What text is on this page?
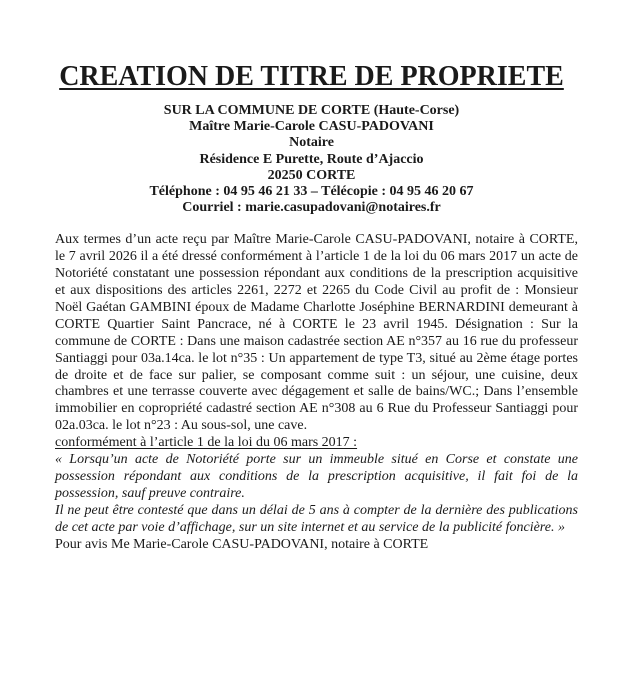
CREATION DE TITRE DE PROPRIETE
SUR LA COMMUNE DE CORTE (Haute-Corse)
Maître Marie-Carole CASU-PADOVANI
Notaire
Résidence E Purette, Route d’Ajaccio
20250 CORTE
Téléphone : 04 95 46 21 33 – Télécopie : 04 95 46 20 67
Courriel : marie.casupadovani@notaires.fr

Aux termes d’un acte reçu par Maître Marie-Carole CASU-PADOVANI, notaire à CORTE, le 7 avril 2026 il a été dressé conformément à l’article 1 de la loi du 06 mars 2017 un acte de Notoriété constatant une possession répondant aux conditions de la prescription acquisitive et aux dispositions des articles 2261, 2272 et 2265 du Code Civil au profit de : Monsieur Noël Gaétan GAMBINI époux de Madame Charlotte Joséphine BERNARDINI demeurant à CORTE Quartier Saint Pancrace, né à CORTE le 23 avril 1945. Désignation : Sur la commune de CORTE : Dans une maison cadastrée section AE n°357 au 16 rue du professeur Santiaggi pour 03a.14ca. le lot n°35 : Un appartement de type T3, situé au 2ème étage portes de droite et de face sur palier, se composant comme suit : un séjour, une cuisine, deux chambres et une terrasse couverte avec dégagement et salle de bains/WC.; Dans l’ensemble immobilier en copropriété cadastré section AE n°308 au 6 Rue du Professeur Santiaggi pour 02a.03ca. le lot n°23 : Au sous-sol, une cave.

conformément à l’article 1 de la loi du 06 mars 2017 :

« Lorsqu’un acte de Notoriété porte sur un immeuble situé en Corse et constate une possession répondant aux conditions de la prescription acquisitive, il fait foi de la possession, sauf preuve contraire.

Il ne peut être contesté que dans un délai de 5 ans à compter de la dernière des publications de cet acte par voie d’affichage, sur un site internet et au service de la publicité foncière. »

Pour avis Me Marie-Carole CASU-PADOVANI, notaire à CORTE
